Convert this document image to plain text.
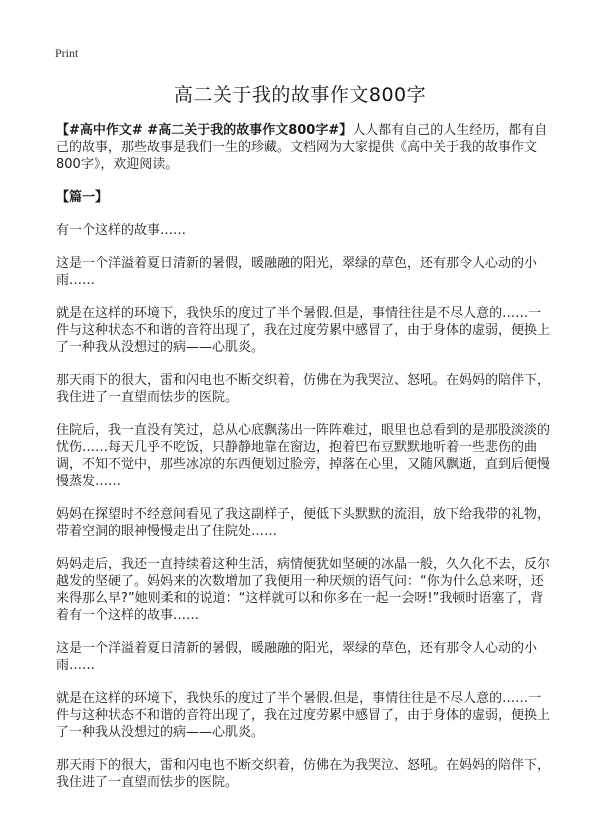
Print
高二关于我的故事作文800字

【#高中作文# #高二关于我的故事作文800字#】人人都有自己的人生经历，都有自己的故事，那些故事是我们一生的珍藏。文档网为大家提供《高中关于我的故事作文800字》，欢迎阅读。

【篇一】

有一个这样的故事……

这是一个洋溢着夏日清新的暑假，暖融融的阳光，翠绿的草色，还有那令人心动的小雨……

就是在这样的环境下，我快乐的度过了半个暑假.但是，事情往往是不尽人意的……一件与这种状态不和谐的音符出现了，我在过度劳累中感冒了，由于身体的虚弱，便换上了一种我从没想过的病——心肌炎。

那天雨下的很大，雷和闪电也不断交织着，仿佛在为我哭泣、怒吼。在妈妈的陪伴下，我住进了一直望而怯步的医院。

住院后，我一直没有笑过，总从心底飘荡出一阵阵难过，眼里也总看到的是那股淡淡的忧伤……每天几乎不吃饭，只静静地靠在窗边，抱着巴布豆默默地听着一些悲伤的曲调，不知不觉中，那些冰凉的东西便划过脸旁，掉落在心里，又随风飘逝，直到后便慢慢蒸发……

妈妈在探望时不经意间看见了我这副样子，便低下头默默的流泪，放下给我带的礼物，带着空洞的眼神慢慢走出了住院处……

妈妈走后，我还一直持续着这种生活，病情便犹如坚硬的冰晶一般，久久化不去，反尔越发的坚硬了。妈妈来的次数增加了我便用一种厌烦的语气问：“你为什么总来呀，还来得那么早?”她则柔和的说道：“这样就可以和你多在一起一会呀!”我顿时语塞了，背着有一个这样的故事……

这是一个洋溢着夏日清新的暑假，暖融融的阳光，翠绿的草色，还有那令人心动的小雨……

就是在这样的环境下，我快乐的度过了半个暑假.但是，事情往往是不尽人意的……一件与这种状态不和谐的音符出现了，我在过度劳累中感冒了，由于身体的虚弱，便换上了一种我从没想过的病——心肌炎。

那天雨下的很大，雷和闪电也不断交织着，仿佛在为我哭泣、怒吼。在妈妈的陪伴下，我住进了一直望而怯步的医院。
